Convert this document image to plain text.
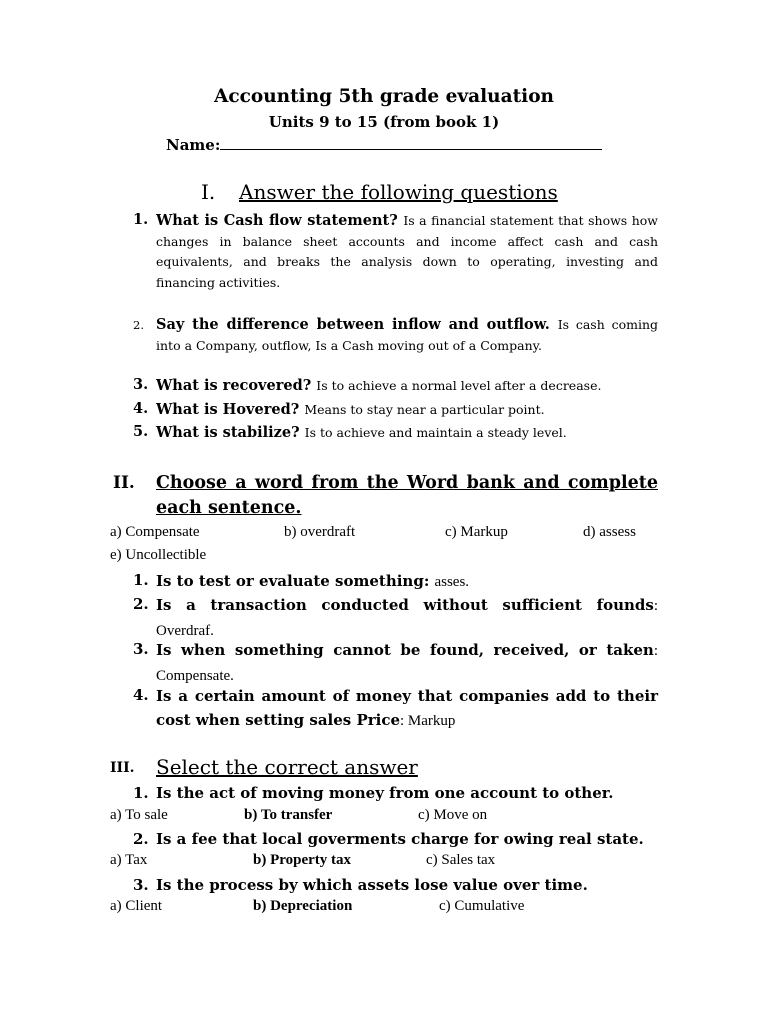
Accounting 5th grade evaluation
Units 9 to 15 (from book 1)
Name:
I. Answer the following questions
1. What is Cash flow statement? Is a financial statement that shows how changes in balance sheet accounts and income affect cash and cash equivalents, and breaks the analysis down to operating, investing and financing activities.
2. Say the difference between inflow and outflow. Is cash coming into a Company, outflow, Is a Cash moving out of a Company.
3. What is recovered? Is to achieve a normal level after a decrease.
4. What is Hovered? Means to stay near a particular point.
5. What is stabilize? Is to achieve and maintain a steady level.
II. Choose a word from the Word bank and complete each sentence.
a) Compensate	b) overdraft	c) Markup	d) assess
e) Uncollectible
1. Is to test or evaluate something: asses.
2. Is a transaction conducted without sufficient founds: Overdraf.
3. Is when something cannot be found, received, or taken: Compensate.
4. Is a certain amount of money that companies add to their cost when setting sales Price: Markup
III. Select the correct answer
1. Is the act of moving money from one account to other.
a) To sale	b) To transfer	c) Move on
2. Is a fee that local goverments charge for owing real state.
a) Tax	b) Property tax	c) Sales tax
3. Is the process by which assets lose value over time.
a) Client	b) Depreciation	c) Cumulative
